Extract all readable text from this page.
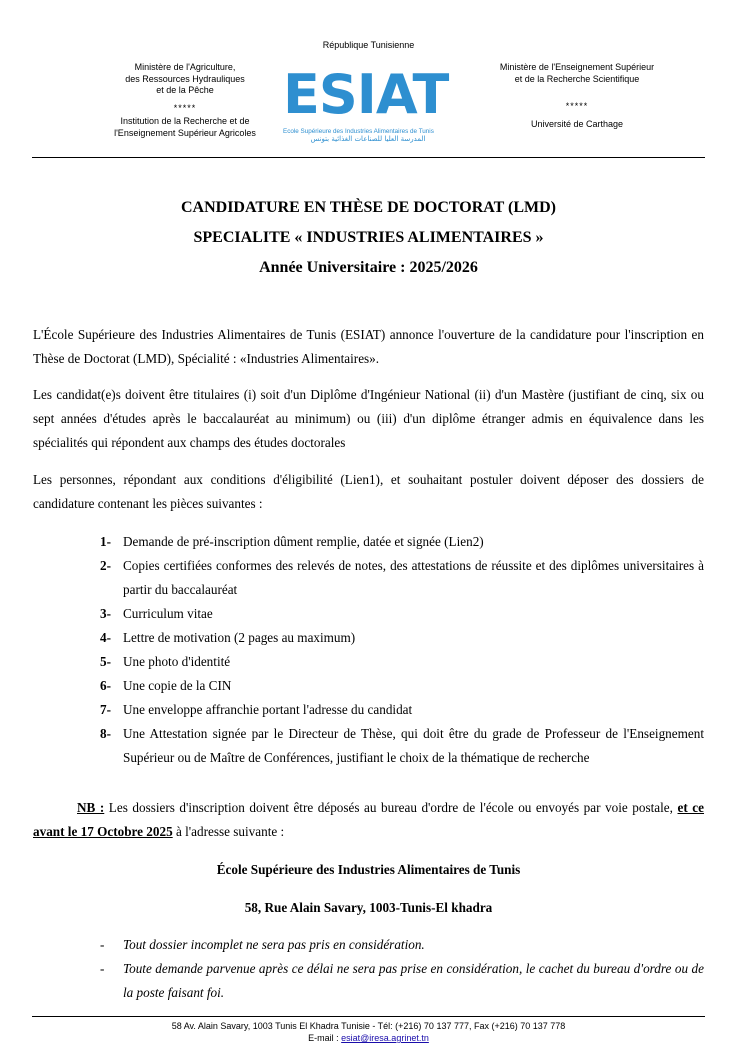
République Tunisienne
Ministère de l'Agriculture,
des Ressources Hydrauliques
et de la Pêche
*****
Institution de la Recherche et de
l'Enseignement Supérieur Agricoles
ESIAT
Ecole Supérieure des Industries Alimentaires de Tunis
المدرسة العليا للصناعات الغذائية بتونس
Ministère de l'Enseignement Supérieur
et de la Recherche Scientifique
*****
Université de Carthage
CANDIDATURE EN THÈSE DE DOCTORAT (LMD)
SPECIALITE « INDUSTRIES ALIMENTAIRES »
Année Universitaire : 2025/2026
L'École Supérieure des Industries Alimentaires de Tunis (ESIAT) annonce l'ouverture de la candidature pour l'inscription en Thèse de Doctorat (LMD), Spécialité : «Industries Alimentaires».
Les candidat(e)s doivent être titulaires (i) soit d'un Diplôme d'Ingénieur National (ii) d'un Mastère (justifiant de cinq, six ou sept années d'études après le baccalauréat au minimum) ou (iii) d'un diplôme étranger admis en équivalence dans les spécialités qui répondent aux champs des études doctorales
Les personnes, répondant aux conditions d'éligibilité (Lien1), et souhaitant postuler doivent déposer des dossiers de candidature contenant les pièces suivantes :
1- Demande de pré-inscription dûment remplie, datée et signée (Lien2)
2- Copies certifiées conformes des relevés de notes, des attestations de réussite et des diplômes universitaires à partir du baccalauréat
3- Curriculum vitae
4- Lettre de motivation (2 pages au maximum)
5- Une photo d'identité
6- Une copie de la CIN
7- Une enveloppe affranchie portant l'adresse du candidat
8- Une Attestation signée par le Directeur de Thèse, qui doit être du grade de Professeur de l'Enseignement Supérieur ou de Maître de Conférences, justifiant le choix de la thématique de recherche
NB : Les dossiers d'inscription doivent être déposés au bureau d'ordre de l'école ou envoyés par voie postale, et ce avant le 17 Octobre 2025 à l'adresse suivante :
École Supérieure des Industries Alimentaires de Tunis
58, Rue Alain Savary, 1003-Tunis-El khadra
-	Tout dossier incomplet ne sera pas pris en considération.
-	Toute demande parvenue après ce délai ne sera pas prise en considération, le cachet du bureau d'ordre ou de la poste faisant foi.
58 Av. Alain Savary, 1003 Tunis El Khadra Tunisie - Tél: (+216) 70 137 777, Fax (+216) 70 137 778
E-mail : esiat@iresa.agrinet.tn
